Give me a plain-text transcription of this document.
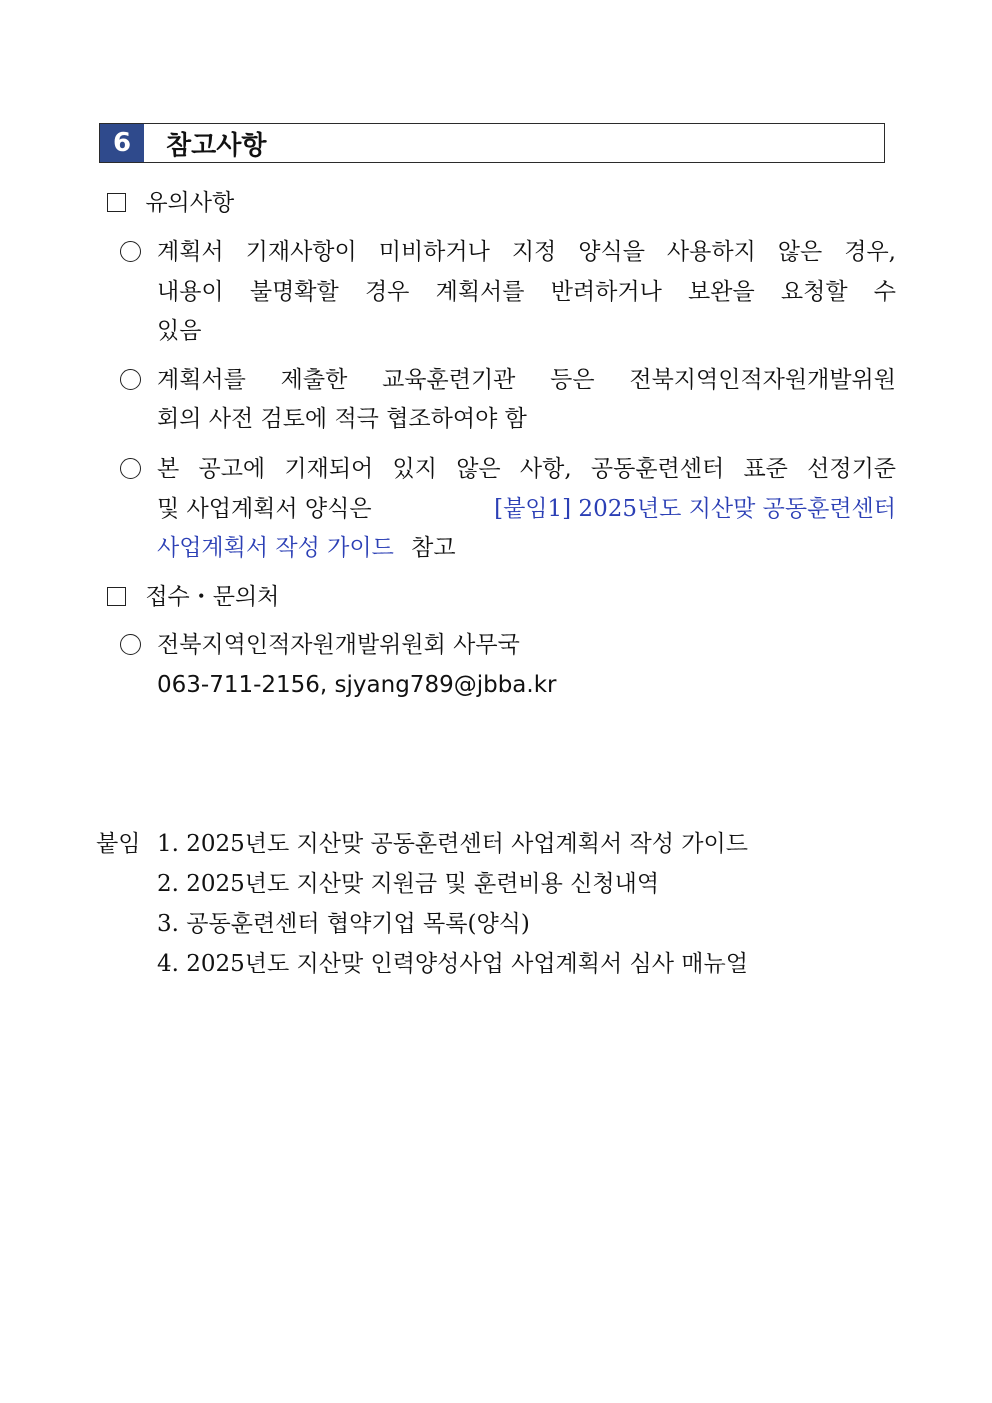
6	참고사항
유의사항
계획서 기재사항이 미비하거나 지정 양식을 사용하지 않은 경우,
내용이 불명확할 경우 계획서를 반려하거나 보완을 요청할 수
있음
계획서를 제출한 교육훈련기관 등은 전북지역인적자원개발위원
회의 사전 검토에 적극 협조하여야 함
본 공고에 기재되어 있지 않은 사항, 공동훈련센터 표준 선정기준
및 사업계획서 양식은	[붙임1] 2025년도 지산맞 공동훈련센터
사업계획서 작성 가이드 참고
접수・문의처
전북지역인적자원개발위원회 사무국
063-711-2156, sjyang789@jbba.kr
붙임 1. 2025년도 지산맞 공동훈련센터 사업계획서 작성 가이드
2. 2025년도 지산맞 지원금 및 훈련비용 신청내역
3. 공동훈련센터 협약기업 목록(양식)
4. 2025년도 지산맞 인력양성사업 사업계획서 심사 매뉴얼
